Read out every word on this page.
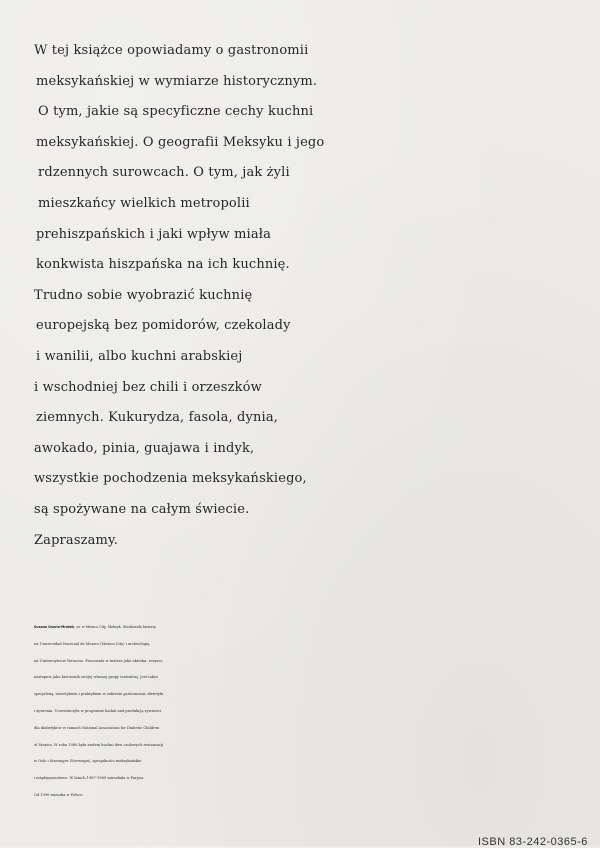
W tej książce opowiadamy o gastronomii
meksykańskiej w wymiarze historycznym.
O tym, jakie są specyficzne cechy kuchni
meksykańskiej. O geografii Meksyku i jego
rdzennych surowcach. O tym, jak żyli
mieszkańcy wielkich metropolii
prehiszpańskich i jaki wpływ miała
konkwista hiszpańska na ich kuchnię.
Trudno sobie wyobrazić kuchnię
europejską bez pomidorów, czekolady
i wanilii, albo kuchni arabskiej
i wschodniej bez chili i orzeszków
ziemnych. Kukurydza, fasola, dynia,
awokado, pinia, guajawa i indyk,
wszystkie pochodzenia meksykańskiego,
są spożywane na całym świecie.
Zapraszamy.
Susana Osorio-Mrożek, ur. w Mexico City, Meksyk. Studiowała historię
na Universidad Nacional de Mexico (Mexico City) i archeologię
na Uniwersytecie Veracruz. Pracowała w teatrze jako aktorka, reżyser,
nastepnie jako kierownik swojej własnej grupy teatralnej. Jest także
specjalistą, teoretykiem i praktykiem w zakresie gastronomii, dietetyki
i żywienia. Uczestniczyła w programie badań nad produkcją żywności
dla diabetyków w ramach National Association for Diabetic Children
of Mexico. W roku 1986 była szefem kuchni dwu czołowych restauracji
w Oslo i Stavanger (Norwegia), specjalności meksykańskie
i międzynarodowe. W latach 1987-1989 mieszkała w Paryżu.
Od 1996 mieszka w Polsce.
ISBN 83-242-0365-6
